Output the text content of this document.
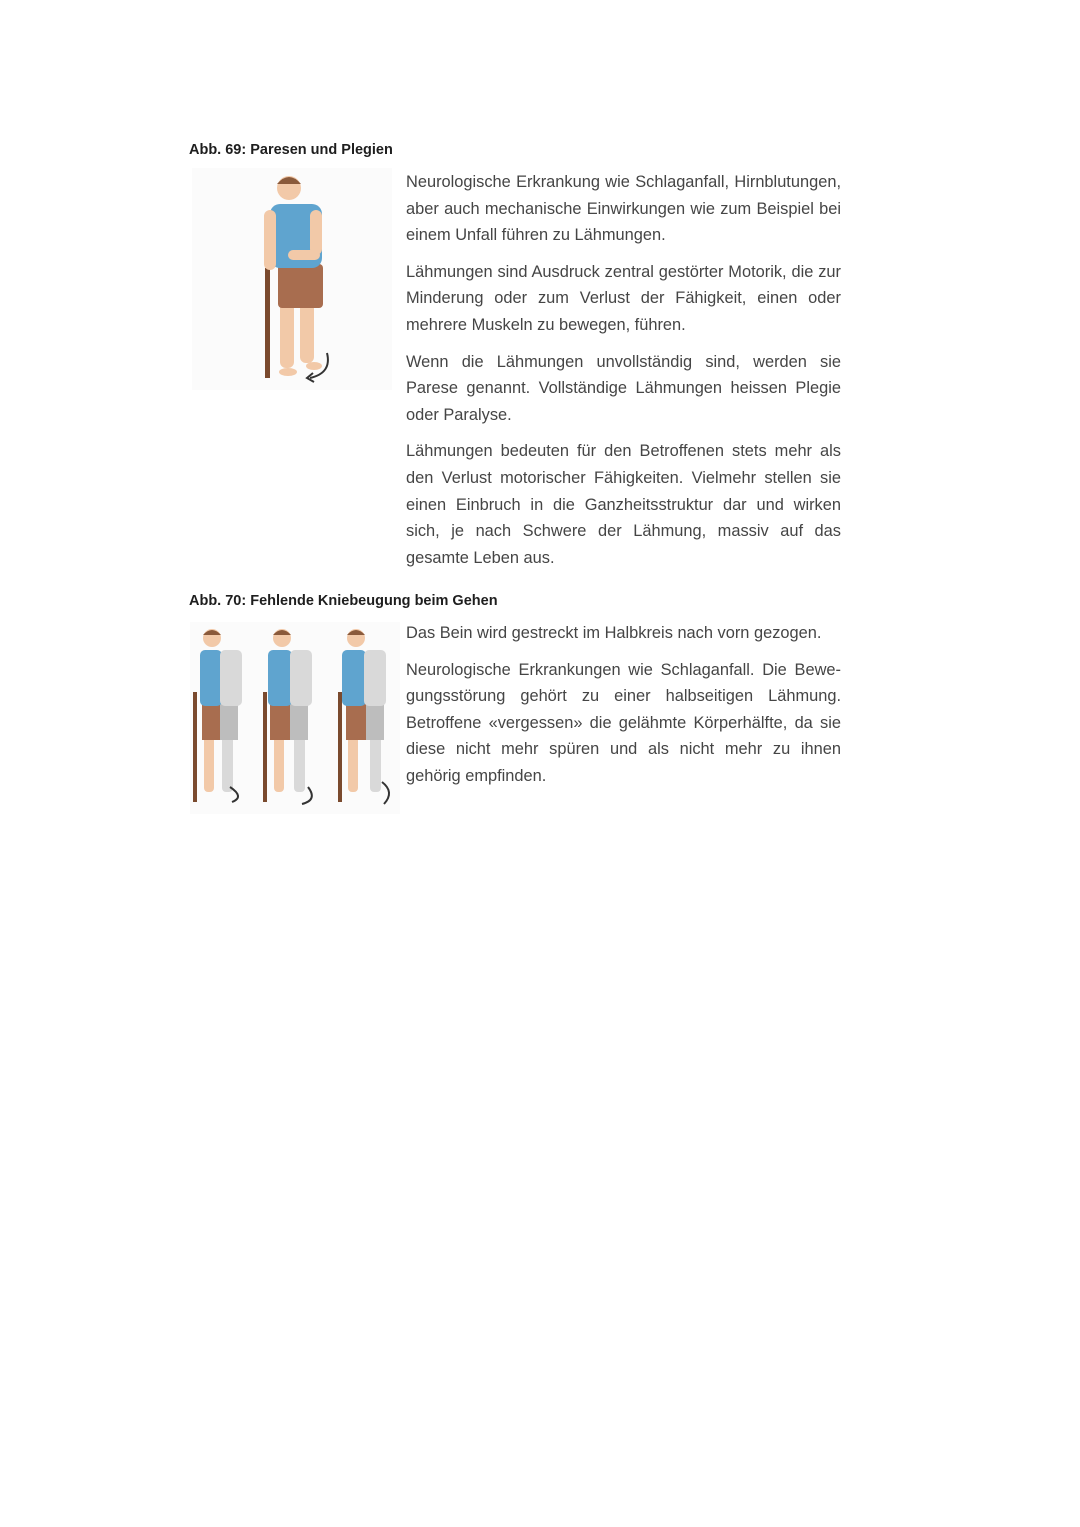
Abb. 69: Paresen und Plegien

Neurologische Erkrankung wie Schlaganfall, Hirnblutungen, aber auch mechanische Einwirkungen wie zum Beispiel bei einem Unfall führen zu Lähmungen.

Lähmungen sind Ausdruck zentral gestörter Motorik, die zur Minderung oder zum Verlust der Fähigkeit, einen oder mehrere Muskeln zu bewegen, führen.

Wenn die Lähmungen unvollständig sind, werden sie Parese genannt. Vollständige Lähmungen heissen Plegie oder Paralyse.

Lähmungen bedeuten für den Betroffenen stets mehr als den Verlust motorischer Fähigkeiten. Vielmehr stellen sie einen Einbruch in die Ganzheitsstruktur dar und wirken sich, je nach Schwere der Lähmung, massiv auf das gesamte Leben aus.

Abb. 70: Fehlende Kniebeugung beim Gehen

Das Bein wird gestreckt im Halbkreis nach vorn gezogen.

Neurologische Erkrankungen wie Schlaganfall. Die Bewegungsstörung gehört zu einer halbseitigen Lähmung. Betroffene «vergessen» die gelähmte Körperhälfte, da sie diese nicht mehr spüren und als nicht mehr zu ihnen gehörig empfinden.
